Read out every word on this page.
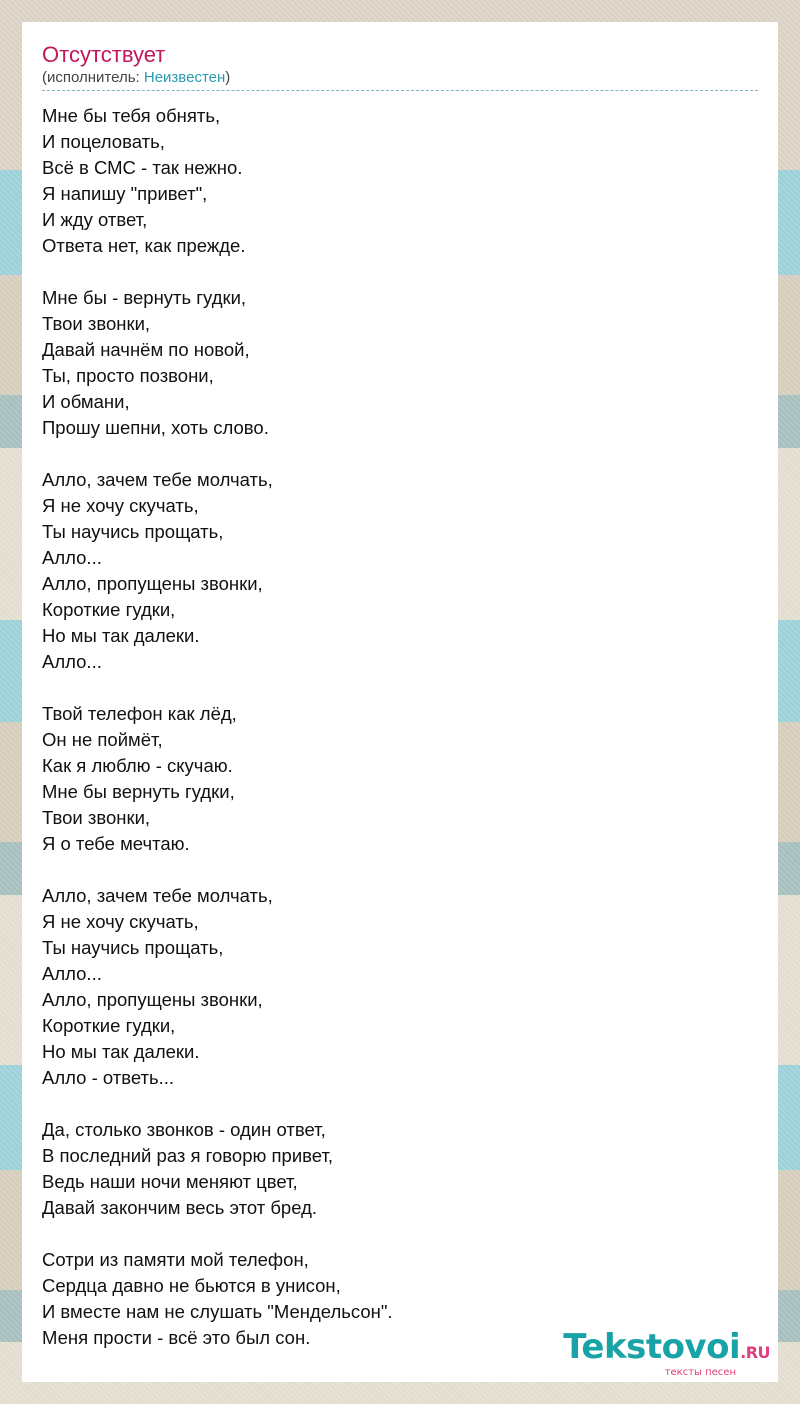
Отсутствует
(исполнитель: Неизвестен)
Мне бы тебя обнять,
И поцеловать,
Всё в СМС - так нежно.
Я напишу "привет",
И жду ответ,
Ответа нет, как прежде.
Мне бы - вернуть гудки,
Твои звонки,
Давай начнём по новой,
Ты, просто позвони,
И обмани,
Прошу шепни, хоть слово.
Алло, зачем тебе молчать,
Я не хочу скучать,
Ты научись прощать,
Алло...
Алло, пропущены звонки,
Короткие гудки,
Но мы так далеки.
Алло...
Твой телефон как лёд,
Он не поймёт,
Как я люблю - скучаю.
Мне бы вернуть гудки,
Твои звонки,
Я о тебе мечтаю.
Алло, зачем тебе молчать,
Я не хочу скучать,
Ты научись прощать,
Алло...
Алло, пропущены звонки,
Короткие гудки,
Но мы так далеки.
Алло - ответь...
Да, столько звонков - один ответ,
В последний раз я говорю привет,
Ведь наши ночи меняют цвет,
Давай закончим весь этот бред.
Сотри из памяти мой телефон,
Сердца давно не бьются в унисон,
И вместе нам не слушать "Мендельсон".
Меня прости - всё это был сон.	Tekstovoi.RU
тексты песен
